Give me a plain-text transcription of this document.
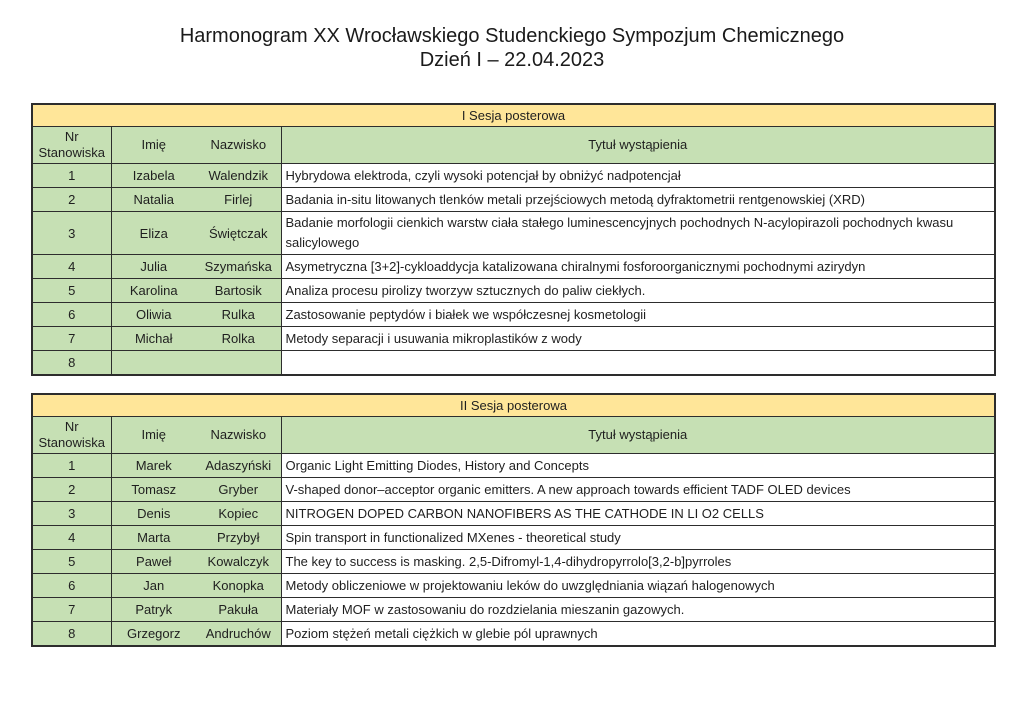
Harmonogram XX Wrocławskiego Studenckiego Sympozjum Chemicznego
Dzień I – 22.04.2023
I Sesja posterowa			
Nr Stanowiska	Imię	Nazwisko	Tytuł wystąpienia
1	Izabela	Walendzik	Hybrydowa elektroda, czyli wysoki potencjał by obniżyć nadpotencjał
2	Natalia	Firlej	Badania in-situ litowanych tlenków metali przejściowych metodą dyfraktometrii rentgenowskiej (XRD)
3	Eliza	Świętczak	Badanie morfologii cienkich warstw ciała stałego luminescencyjnych pochodnych N-acylopirazoli pochodnych kwasu salicylowego
4	Julia	Szymańska	Asymetryczna [3+2]-cykloaddycja katalizowana chiralnymi fosforoorganicznymi pochodnymi azirydyn
5	Karolina	Bartosik	Analiza procesu pirolizy tworzyw sztucznych do paliw ciekłych.
6	Oliwia	Rulka	Zastosowanie peptydów i białek we współczesnej kosmetologii
7	Michał	Rolka	Metody separacji i usuwania mikroplastików z wody
8			
II Sesja posterowa			
Nr Stanowiska	Imię	Nazwisko	Tytuł wystąpienia
1	Marek	Adaszyński	Organic Light Emitting Diodes, History and Concepts
2	Tomasz	Gryber	V-shaped donor–acceptor organic emitters. A new approach towards efficient TADF OLED devices
3	Denis	Kopiec	NITROGEN DOPED CARBON NANOFIBERS AS THE CATHODE IN LI O2 CELLS
4	Marta	Przybył	Spin transport in functionalized MXenes - theoretical study
5	Paweł	Kowalczyk	The key to success is masking. 2,5-Difromyl-1,4-dihydropyrrolo[3,2-b]pyrroles
6	Jan	Konopka	Metody obliczeniowe w projektowaniu leków do uwzględniania wiązań halogenowych
7	Patryk	Pakuła	Materiały MOF w zastosowaniu do rozdzielania mieszanin gazowych.
8	Grzegorz	Andruchów	Poziom stężeń metali ciężkich w glebie pól uprawnych
